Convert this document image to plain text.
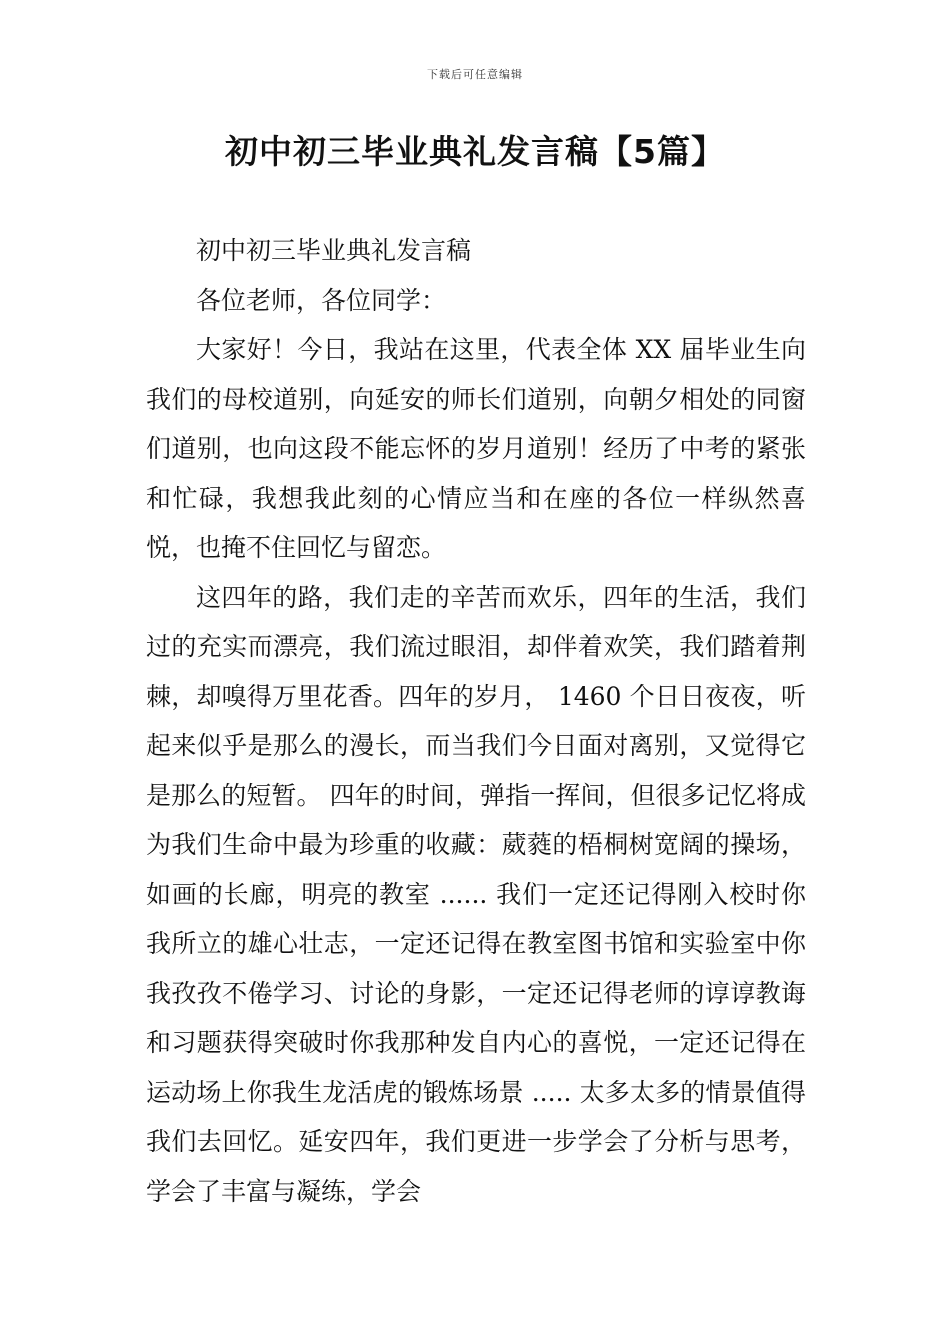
下载后可任意编辑
初中初三毕业典礼发言稿【5篇】

初中初三毕业典礼发言稿

各位老师，各位同学：

大家好！今日，我站在这里，代表全体 XX 届毕业生向我们的母校道别，向延安的师长们道别，向朝夕相处的同窗们道别，也向这段不能忘怀的岁月道别！经历了中考的紧张和忙碌，我想我此刻的心情应当和在座的各位一样纵然喜悦，也掩不住回忆与留恋。

这四年的路，我们走的辛苦而欢乐，四年的生活，我们过的充实而漂亮，我们流过眼泪，却伴着欢笑，我们踏着荆棘，却嗅得万里花香。四年的岁月， 1460 个日日夜夜，听起来似乎是那么的漫长，而当我们今日面对离别，又觉得它是那么的短暂。 四年的时间，弹指一挥间，但很多记忆将成为我们生命中最为珍重的收藏：葳蕤的梧桐树宽阔的操场，如画的长廊，明亮的教室 ...... 我们一定还记得刚入校时你我所立的雄心壮志，一定还记得在教室图书馆和实验室中你我孜孜不倦学习、讨论的身影，一定还记得老师的谆谆教诲和习题获得突破时你我那种发自内心的喜悦，一定还记得在运动场上你我生龙活虎的锻炼场景 ..... 太多太多的情景值得我们去回忆。延安四年，我们更进一步学会了分析与思考，学会了丰富与凝练，学会
